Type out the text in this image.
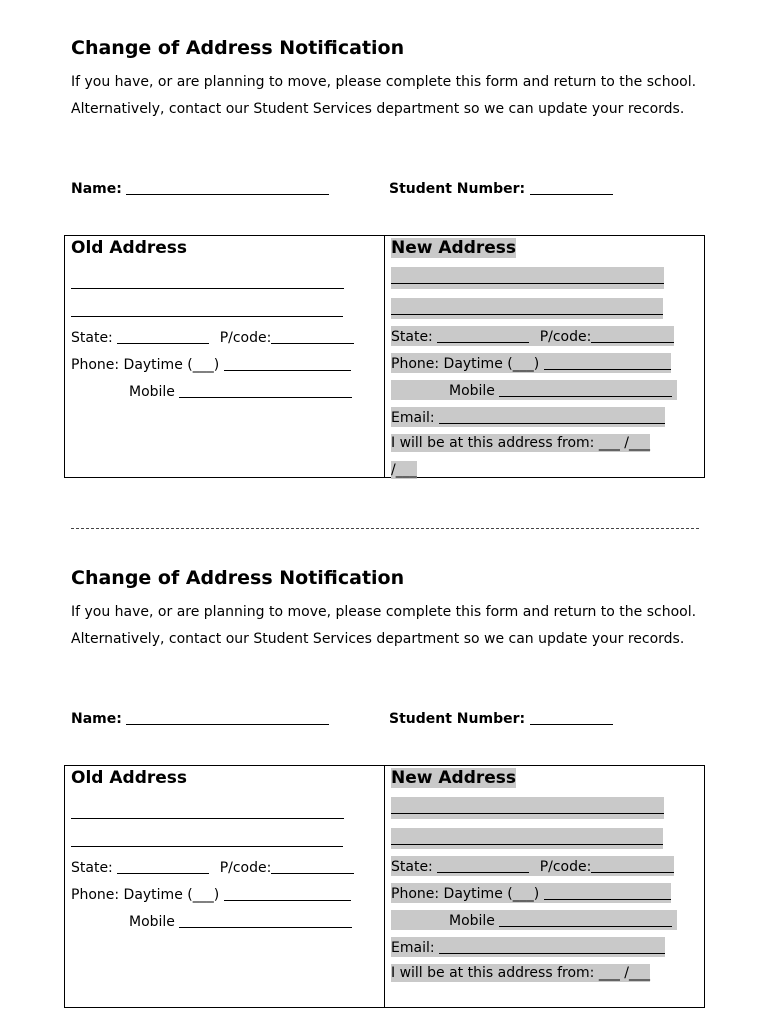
Change of Address Notification

If you have, or are planning to move, please complete this form and return to the school. Alternatively, contact our Student Services department so we can update your records.

Name:	Student Number:
Old Address
State:	P/code:
Phone: Daytime (___)
Mobile
New Address
State:	P/code:
Phone: Daytime (___)
Mobile
Email:
I will be at this address from: ___ /___
/___
Change of Address Notification

If you have, or are planning to move, please complete this form and return to the school. Alternatively, contact our Student Services department so we can update your records.

Name:	Student Number:
Old Address
State:	P/code:
Phone: Daytime (___)
Mobile
New Address
State:	P/code:
Phone: Daytime (___)
Mobile
Email:
I will be at this address from: ___ /___
